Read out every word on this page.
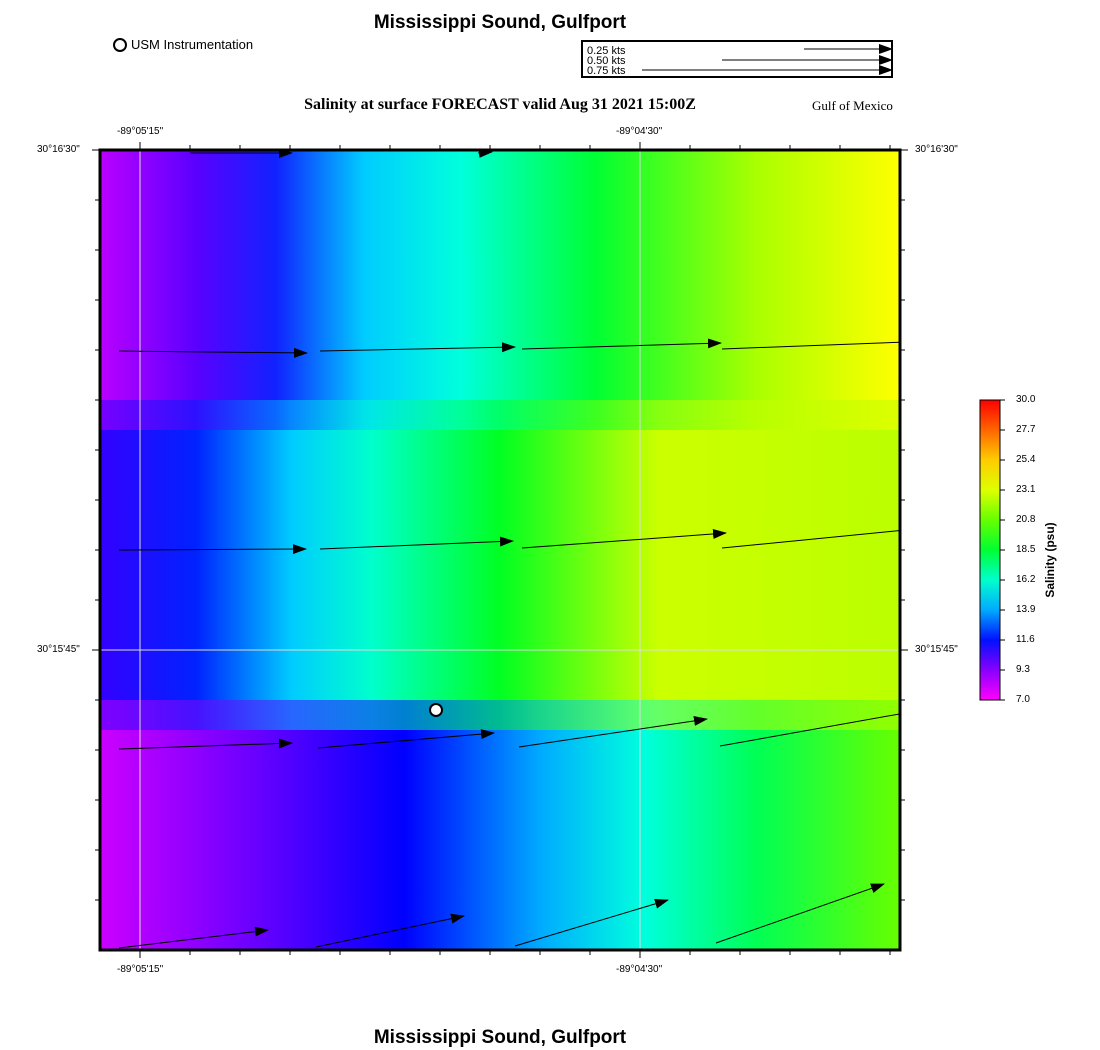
Mississippi Sound, Gulfport
USM Instrumentation	0.25 kts
0.50 kts
0.75 kts
Salinity at surface FORECAST valid Aug 31 2021 15:00Z	Gulf of Mexico
-89°05'15"	-89°04'30"
-89°05'15"	-89°04'30"
30°16'30"
30°15'45"
30°16'30"
30°15'45"
30.0
27.7
25.4
23.1
20.8
18.5
16.2
13.9
11.6
9.3
7.0
Salinity (psu)
Mississippi Sound, Gulfport
